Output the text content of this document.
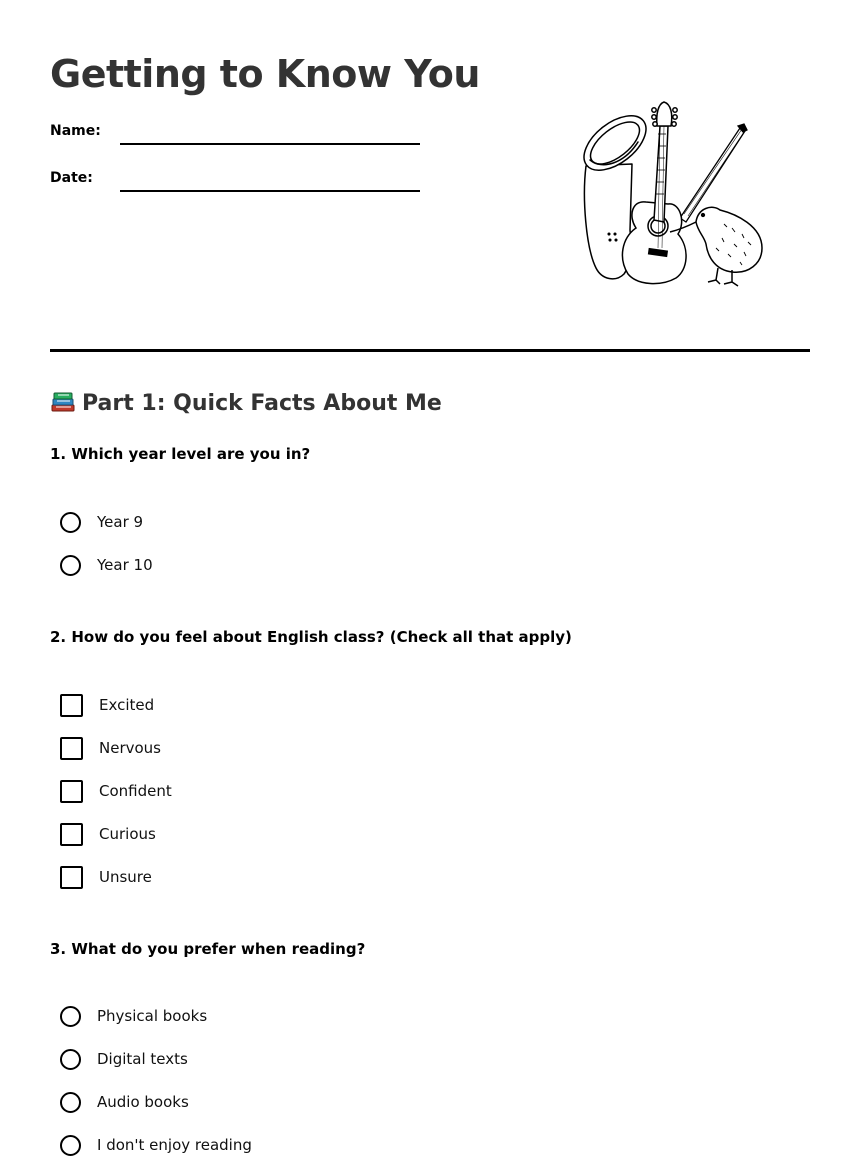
Getting to Know You
Name:
Date:
Part 1: Quick Facts About Me
1. Which year level are you in?
Year 9
Year 10
2. How do you feel about English class? (Check all that apply)
Excited
Nervous
Confident
Curious
Unsure
3. What do you prefer when reading?
Physical books
Digital texts
Audio books
I don't enjoy reading
